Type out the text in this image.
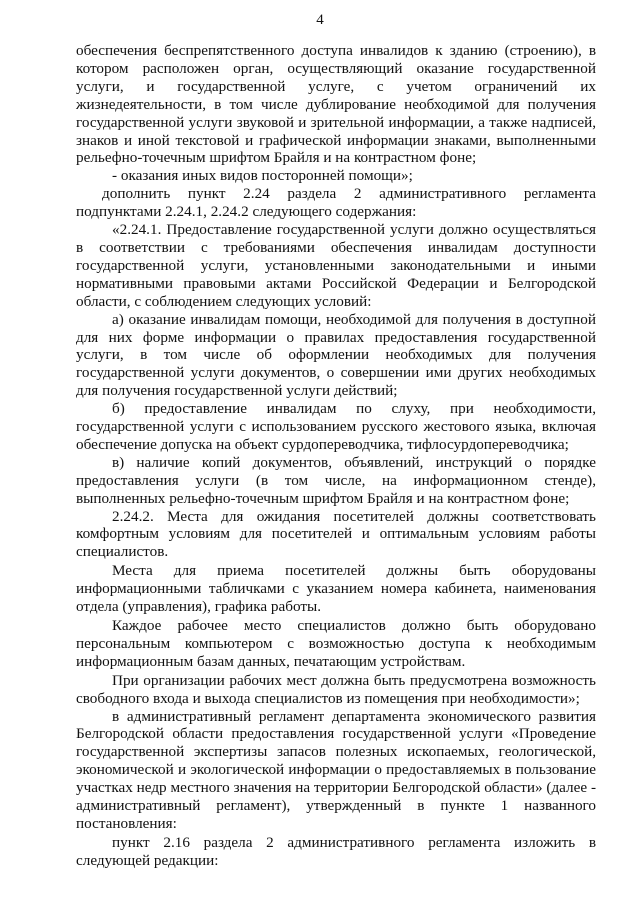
4

обеспечения беспрепятственного доступа инвалидов к зданию (строению), в котором расположен орган, осуществляющий оказание государственной услуги, и государственной услуге, с учетом ограничений их жизнедеятельности, в том числе дублирование необходимой для получения государственной услуги звуковой и зрительной информации, а также надписей, знаков и иной текстовой и графической информации знаками, выполненными рельефно-точечным шрифтом Брайля и на контрастном фоне;

- оказания иных видов посторонней помощи»;

дополнить пункт 2.24 раздела 2 административного регламента подпунктами 2.24.1, 2.24.2 следующего содержания:

«2.24.1. Предоставление государственной услуги должно осуществляться в соответствии с требованиями обеспечения инвалидам доступности государственной услуги, установленными законодательными и иными нормативными правовыми актами Российской Федерации и Белгородской области, с соблюдением следующих условий:

а) оказание инвалидам помощи, необходимой для получения в доступной для них форме информации о правилах предоставления государственной услуги, в том числе об оформлении необходимых для получения государственной услуги документов, о совершении ими других необходимых для получения государственной услуги действий;

б) предоставление инвалидам по слуху, при необходимости, государственной услуги с использованием русского жестового языка, включая обеспечение допуска на объект сурдопереводчика, тифлосурдопереводчика;

в) наличие копий документов, объявлений, инструкций о порядке предоставления услуги (в том числе, на информационном стенде), выполненных рельефно-точечным шрифтом Брайля и на контрастном фоне;

2.24.2. Места для ожидания посетителей должны соответствовать комфортным условиям для посетителей и оптимальным условиям работы специалистов.

Места для приема посетителей должны быть оборудованы информационными табличками с указанием номера кабинета, наименования отдела (управления), графика работы.

Каждое рабочее место специалистов должно быть оборудовано персональным компьютером с возможностью доступа к необходимым информационным базам данных, печатающим устройствам.

При организации рабочих мест должна быть предусмотрена возможность свободного входа и выхода специалистов из помещения при необходимости»;

в административный регламент департамента экономического развития Белгородской области предоставления государственной услуги «Проведение государственной экспертизы запасов полезных ископаемых, геологической, экономической и экологической информации о предоставляемых в пользование участках недр местного значения на территории Белгородской области» (далее - административный регламент), утвержденный в пункте 1 названного постановления:

пункт 2.16 раздела 2 административного регламента изложить в следующей редакции:
